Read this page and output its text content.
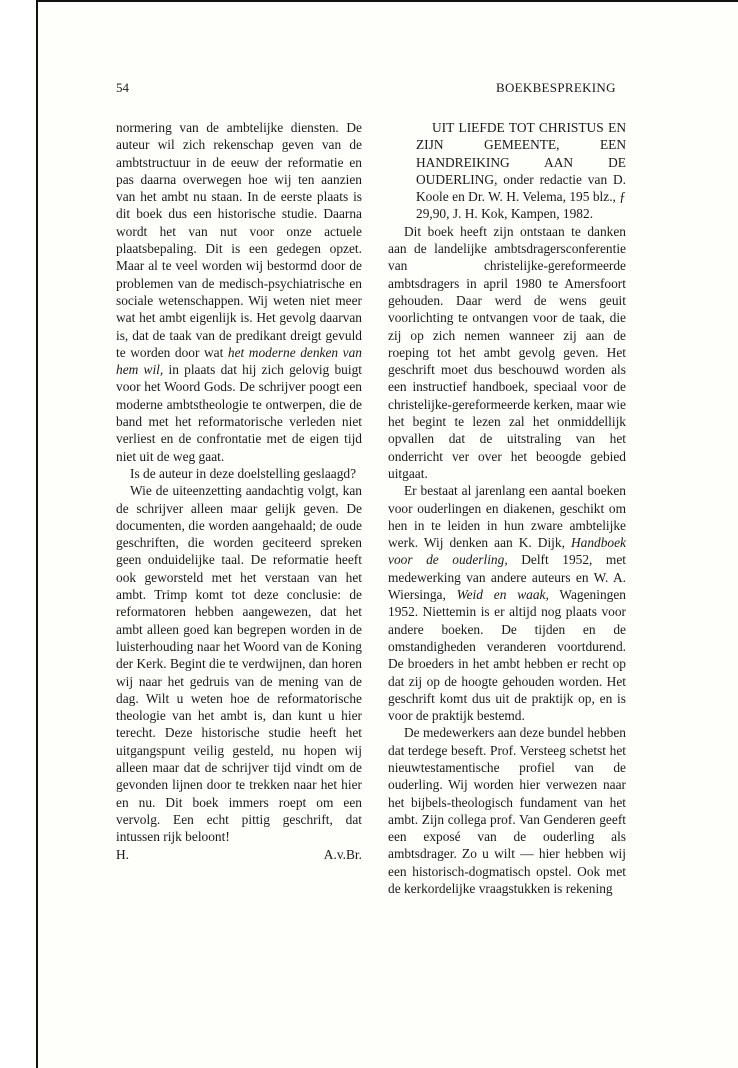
54	BOEKBESPREKING

normering van de ambtelijke diensten. De auteur wil zich rekenschap geven van de ambtstructuur in de eeuw der reformatie en pas daarna overwegen hoe wij ten aanzien van het ambt nu staan. In de eerste plaats is dit boek dus een historische studie. Daarna wordt het van nut voor onze actuele plaatsbepaling. Dit is een gedegen opzet. Maar al te veel worden wij bestormd door de problemen van de medisch-psychiatrische en sociale wetenschappen. Wij weten niet meer wat het ambt eigenlijk is. Het gevolg daarvan is, dat de taak van de predikant dreigt gevuld te worden door wat het moderne denken van hem wil, in plaats dat hij zich gelovig buigt voor het Woord Gods. De schrijver poogt een moderne ambtstheologie te ontwerpen, die de band met het reformatorische verleden niet verliest en de confrontatie met de eigen tijd niet uit de weg gaat.

Is de auteur in deze doelstelling geslaagd?

Wie de uiteenzetting aandachtig volgt, kan de schrijver alleen maar gelijk geven. De documenten, die worden aangehaald; de oude geschriften, die worden geciteerd spreken geen onduidelijke taal. De reformatie heeft ook geworsteld met het verstaan van het ambt. Trimp komt tot deze conclusie: de reformatoren hebben aangewezen, dat het ambt alleen goed kan begrepen worden in de luisterhouding naar het Woord van de Koning der Kerk. Begint die te verdwijnen, dan horen wij naar het gedruis van de mening van de dag. Wilt u weten hoe de reformatorische theologie van het ambt is, dan kunt u hier terecht. Deze historische studie heeft het uitgangspunt veilig gesteld, nu hopen wij alleen maar dat de schrijver tijd vindt om de gevonden lijnen door te trekken naar het hier en nu. Dit boek immers roept om een vervolg. Een echt pittig geschrift, dat intussen rijk beloont!

H.	A.v.Br.

UIT LIEFDE TOT CHRISTUS EN ZIJN GEMEENTE, EEN HANDREIKING AAN DE OUDERLING, onder redactie van D. Koole en Dr. W. H. Velema, 195 blz., ƒ 29,90, J. H. Kok, Kampen, 1982.

Dit boek heeft zijn ontstaan te danken aan de landelijke ambtsdragersconferentie van christelijke-gereformeerde ambtsdragers in april 1980 te Amersfoort gehouden. Daar werd de wens geuit voorlichting te ontvangen voor de taak, die zij op zich nemen wanneer zij aan de roeping tot het ambt gevolg geven. Het geschrift moet dus beschouwd worden als een instructief handboek, speciaal voor de christelijke-gereformeerde kerken, maar wie het begint te lezen zal het onmiddellijk opvallen dat de uitstraling van het onderricht ver over het beoogde gebied uitgaat.

Er bestaat al jarenlang een aantal boeken voor ouderlingen en diakenen, geschikt om hen in te leiden in hun zware ambtelijke werk. Wij denken aan K. Dijk, Handboek voor de ouderling, Delft 1952, met medewerking van andere auteurs en W. A. Wiersinga, Weid en waak, Wageningen 1952. Niettemin is er altijd nog plaats voor andere boeken. De tijden en de omstandigheden veranderen voortdurend. De broeders in het ambt hebben er recht op dat zij op de hoogte gehouden worden. Het geschrift komt dus uit de praktijk op, en is voor de praktijk bestemd.

De medewerkers aan deze bundel hebben dat terdege beseft. Prof. Versteeg schetst het nieuwtestamentische profiel van de ouderling. Wij worden hier verwezen naar het bijbels-theologisch fundament van het ambt. Zijn collega prof. Van Genderen geeft een exposé van de ouderling als ambtsdrager. Zo u wilt — hier hebben wij een historisch-dogmatisch opstel. Ook met de kerkordelijke vraagstukken is rekening
